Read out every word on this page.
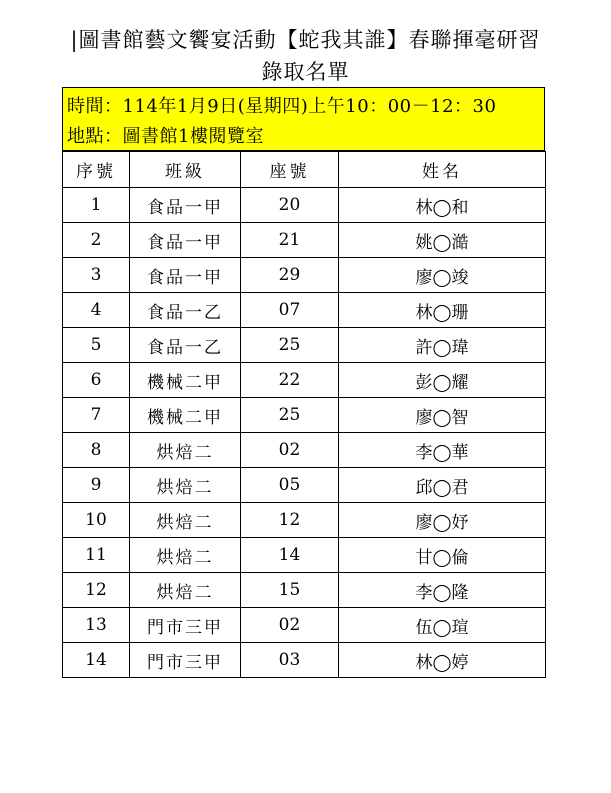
|圖書館藝文饗宴活動【蛇我其誰】春聯揮毫研習
錄取名單
時間：114年1月9日(星期四)上午10：00－12：30
地點：圖書館1樓閱覽室
序號	班級	座號	姓名
1	食品一甲	20	林◯和
2	食品一甲	21	姚◯澔
3	食品一甲	29	廖◯竣
4	食品一乙	07	林◯珊
5	食品一乙	25	許◯瑋
6	機械二甲	22	彭◯耀
7	機械二甲	25	廖◯智
8	烘焙二	02	李◯華
9	烘焙二	05	邱◯君
10	烘焙二	12	廖◯妤
11	烘焙二	14	甘◯倫
12	烘焙二	15	李◯隆
13	門市三甲	02	伍◯瑄
14	門市三甲	03	林◯婷
